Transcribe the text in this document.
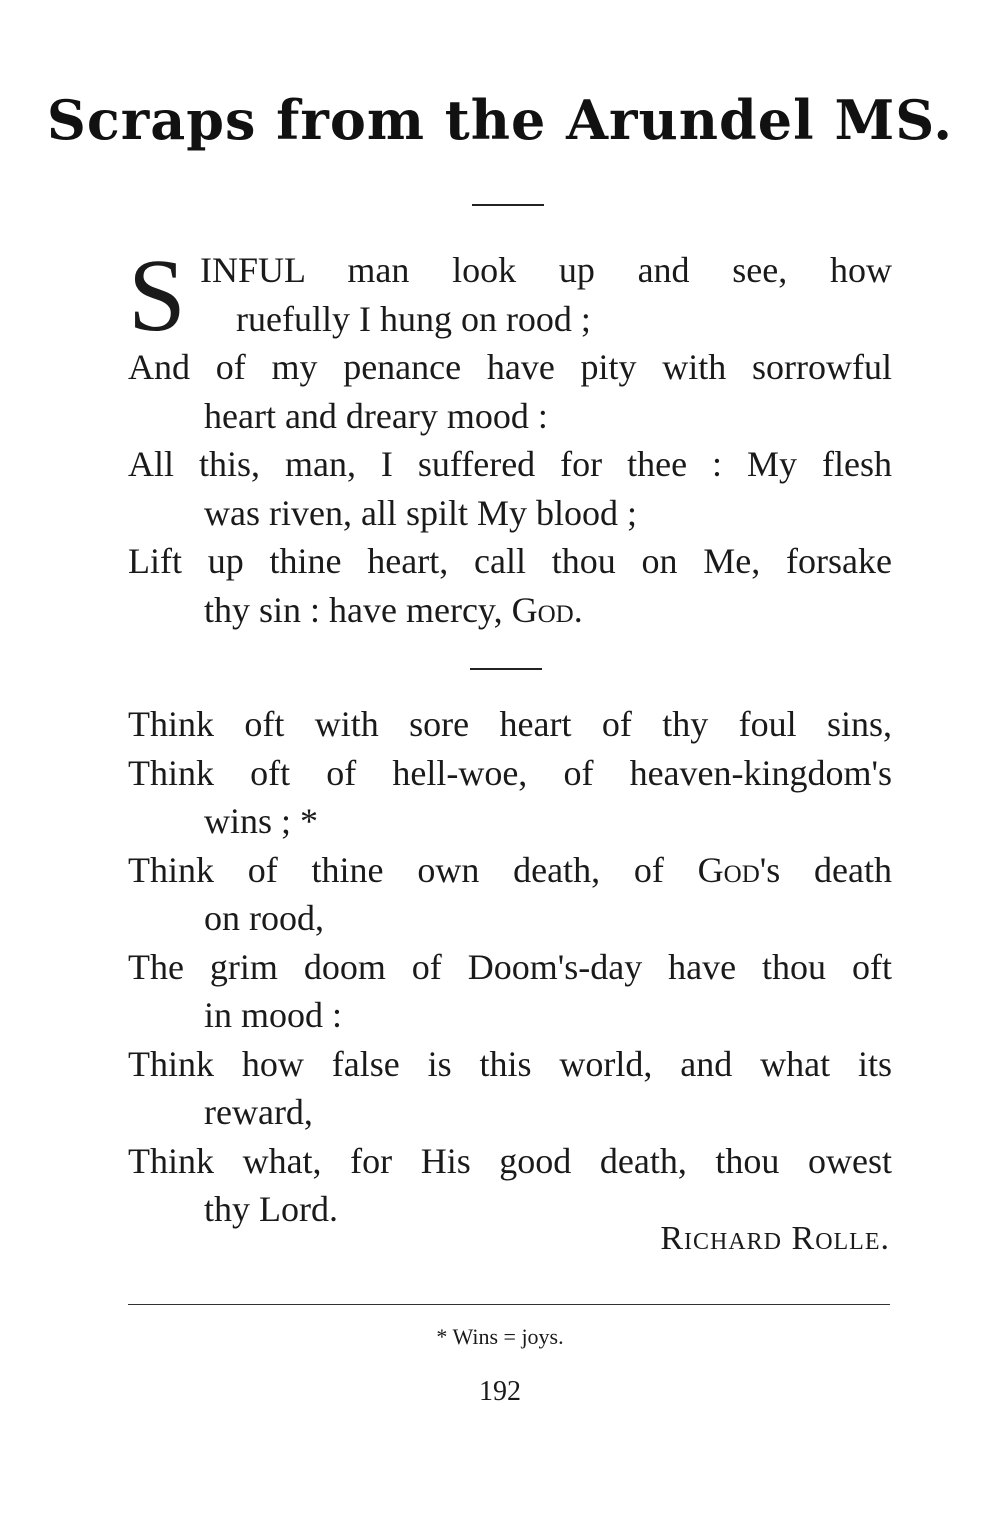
Scraps from the Arundel MS.
S INFUL man look up and see, how
ruefully I hung on rood ;
And of my penance have pity with sorrowful
heart and dreary mood :
All this, man, I suffered for thee : My flesh
was riven, all spilt My blood ;
Lift up thine heart, call thou on Me, forsake
thy sin : have mercy, God.
Think oft with sore heart of thy foul sins,
Think oft of hell-woe, of heaven-kingdom's
wins ; *
Think of thine own death, of God's death
on rood,
The grim doom of Doom's-day have thou oft
in mood :
Think how false is this world, and what its
reward,
Think what, for His good death, thou owest
thy Lord.
Richard Rolle.
* Wins = joys.
192
